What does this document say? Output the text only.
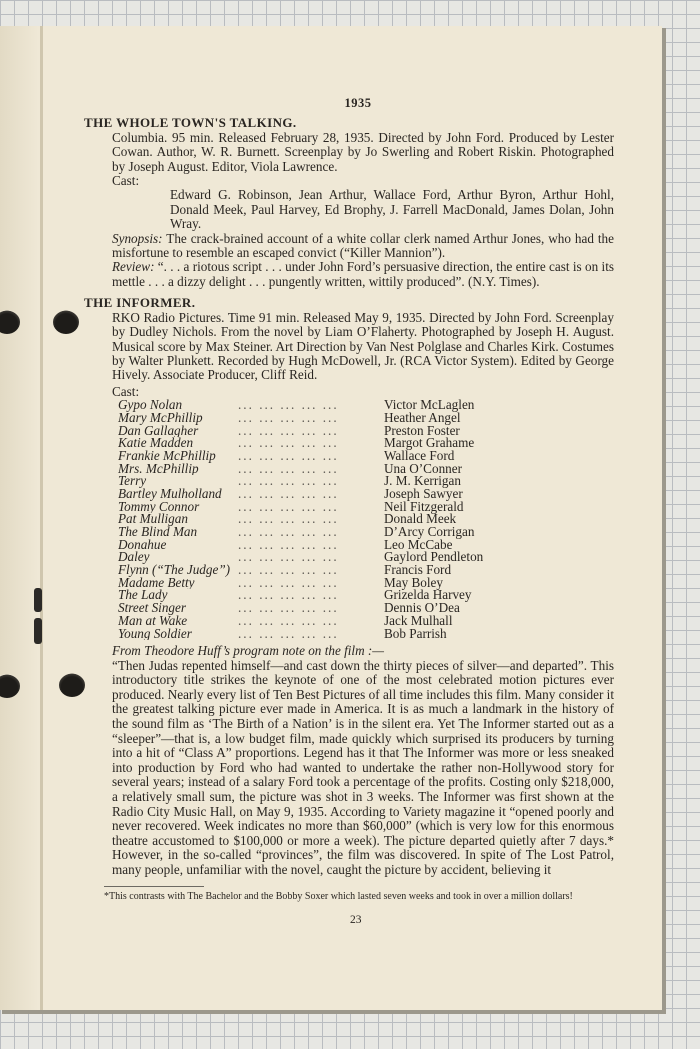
1935

THE WHOLE TOWN'S TALKING.

Columbia. 95 min. Released February 28, 1935. Directed by John Ford. Produced by Lester Cowan. Author, W. R. Burnett. Screenplay by Jo Swerling and Robert Riskin. Photographed by Joseph August. Editor, Viola Lawrence.

Cast:

Edward G. Robinson, Jean Arthur, Wallace Ford, Arthur Byron, Arthur Hohl, Donald Meek, Paul Harvey, Ed Brophy, J. Farrell MacDonald, James Dolan, John Wray.

Synopsis: The crack-brained account of a white collar clerk named Arthur Jones, who had the misfortune to resemble an escaped convict (“Killer Mannion”).

Review: “. . . a riotous script . . . under John Ford’s persuasive direction, the entire cast is on its mettle . . . a dizzy delight . . . pungently written, wittily produced”. (N.Y. Times).

THE INFORMER.

RKO Radio Pictures. Time 91 min. Released May 9, 1935. Directed by John Ford. Screenplay by Dudley Nichols. From the novel by Liam O’Flaherty. Photographed by Joseph H. August. Musical score by Max Steiner. Art Direction by Van Nest Polglase and Charles Kirk. Costumes by Walter Plunkett. Recorded by Hugh McDowell, Jr. (RCA Victor System). Edited by George Hively. Associate Producer, Cliff Reid.

Cast:

Gypo Nolan	... ... ... ... ...	Victor McLaglen
Mary McPhillip	... ... ... ... ...	Heather Angel
Dan Gallagher	... ... ... ... ...	Preston Foster
Katie Madden	... ... ... ... ...	Margot Grahame
Frankie McPhillip	... ... ... ... ...	Wallace Ford
Mrs. McPhillip	... ... ... ... ...	Una O’Conner
Terry	... ... ... ... ...	J. M. Kerrigan
Bartley Mulholland	... ... ... ... ...	Joseph Sawyer
Tommy Connor	... ... ... ... ...	Neil Fitzgerald
Pat Mulligan	... ... ... ... ...	Donald Meek
The Blind Man	... ... ... ... ...	D’Arcy Corrigan
Donahue	... ... ... ... ...	Leo McCabe
Daley	... ... ... ... ...	Gaylord Pendleton
Flynn (“The Judge”) ... ... ... ... ...	Francis Ford
Madame Betty	... ... ... ... ...	May Boley
The Lady	... ... ... ... ...	Grizelda Harvey
Street Singer	... ... ... ... ...	Dennis O’Dea
Man at Wake	... ... ... ... ...	Jack Mulhall
Young Soldier	... ... ... ... ...	Bob Parrish

From Theodore Huff’s program note on the film :—

“Then Judas repented himself—and cast down the thirty pieces of silver—and departed”. This introductory title strikes the keynote of one of the most celebrated motion pictures ever produced. Nearly every list of Ten Best Pictures of all time includes this film. Many consider it the greatest talking picture ever made in America. It is as much a landmark in the history of the sound film as ‘The Birth of a Nation’ is in the silent era. Yet The Informer started out as a “sleeper”—that is, a low budget film, made quickly which surprised its producers by turning into a hit of “Class A” proportions. Legend has it that The Informer was more or less sneaked into production by Ford who had wanted to undertake the rather non-Hollywood story for several years; instead of a salary Ford took a percentage of the profits. Costing only $218,000, a relatively small sum, the picture was shot in 3 weeks. The Informer was first shown at the Radio City Music Hall, on May 9, 1935. According to Variety magazine it “opened poorly and never recovered. Week indicates no more than $60,000” (which is very low for this enormous theatre accustomed to $100,000 or more a week). The picture departed quietly after 7 days.* However, in the so-called “provinces”, the film was discovered. In spite of The Lost Patrol, many people, unfamiliar with the novel, caught the picture by accident, believing it

*This contrasts with The Bachelor and the Bobby Soxer which lasted seven weeks and took in over a million dollars!

23
